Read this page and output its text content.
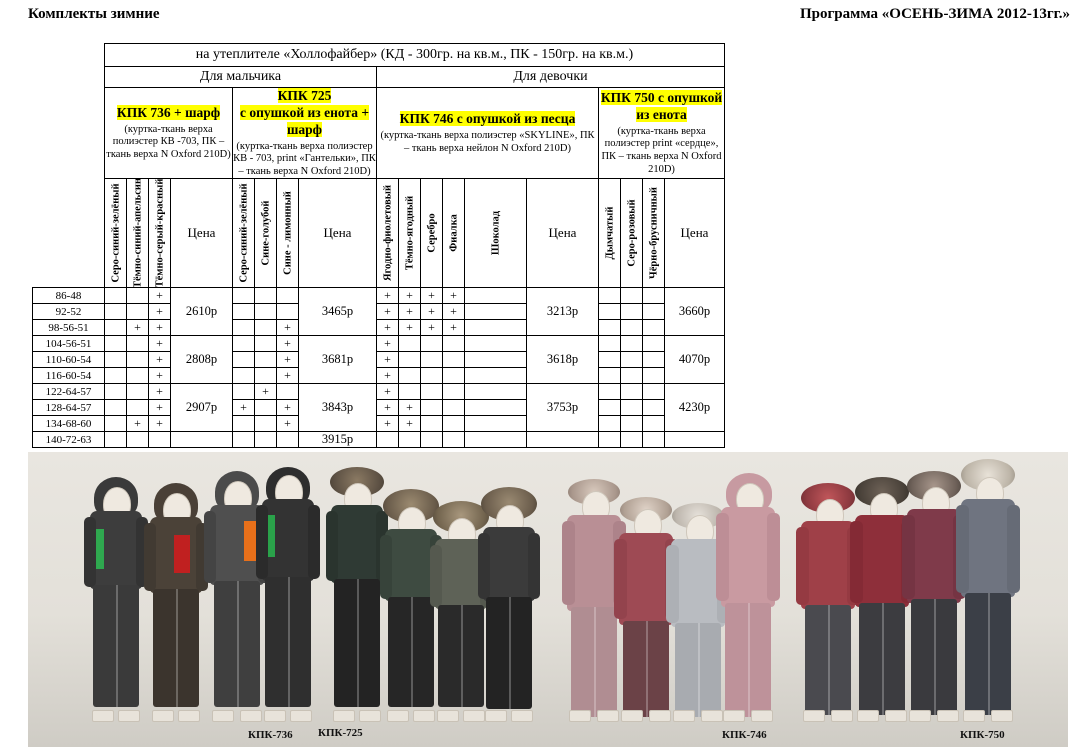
Комплекты зимние	Программа «ОСЕНЬ-ЗИМА 2012-13гг.»
	на утеплителе «Холлофайбер» (КД - 300гр. на кв.м., ПК - 150гр. на кв.м.)																	
	Для мальчика								Для девочки									

КПК 736 + шарф
(куртка-ткань верха полиэстер КВ -703, ПК – ткань верха N Oxford 210D)

КПК 725
с опушкой из енота + шарф
(куртка-ткань верха полиэстер КВ - 703, print «Гантельки», ПК – ткань верха N Oxford 210D)

КПК 746 с опушкой из песца
(куртка-ткань верха полиэстер «SKYLINE», ПК – ткань верха нейлон N Oxford 210D)

КПК 750 с опушкой из енота
(куртка-ткань верха полиэстер print «сердце», ПК – ткань верха N Oxford 210D)

	Серо-синий-зелёный	Тёмно-синий-апельсин	Тёмно-серый-красный	Цена	Серо-синий-зелёный	Сине-голубой	Сине - лимонный	Цена	Ягодно-фиолетовый	Тёмно-ягодный	Серебро	Фиалка	Шоколад	Цена	Дымчатый	Серо-розовый	Чёрно-брусничный	Цена
86-48			+	2610р				3465р	+	+	+	+		3213р				3660р
92-52			+						+	+	+	+						
98-56-51		+	+				+		+	+	+	+						
104-56-51			+	2808р			+	3681р	+					3618р				4070р
110-60-54			+				+		+									
116-60-54			+				+		+									
122-64-57			+	2907р		+		3843р	+					3753р				4230р
128-64-57			+		+		+		+	+								
134-68-60		+	+				+		+	+								
140-72-63								3915р										
КПК-736 КПК-725	КПК-746	КПК-750
